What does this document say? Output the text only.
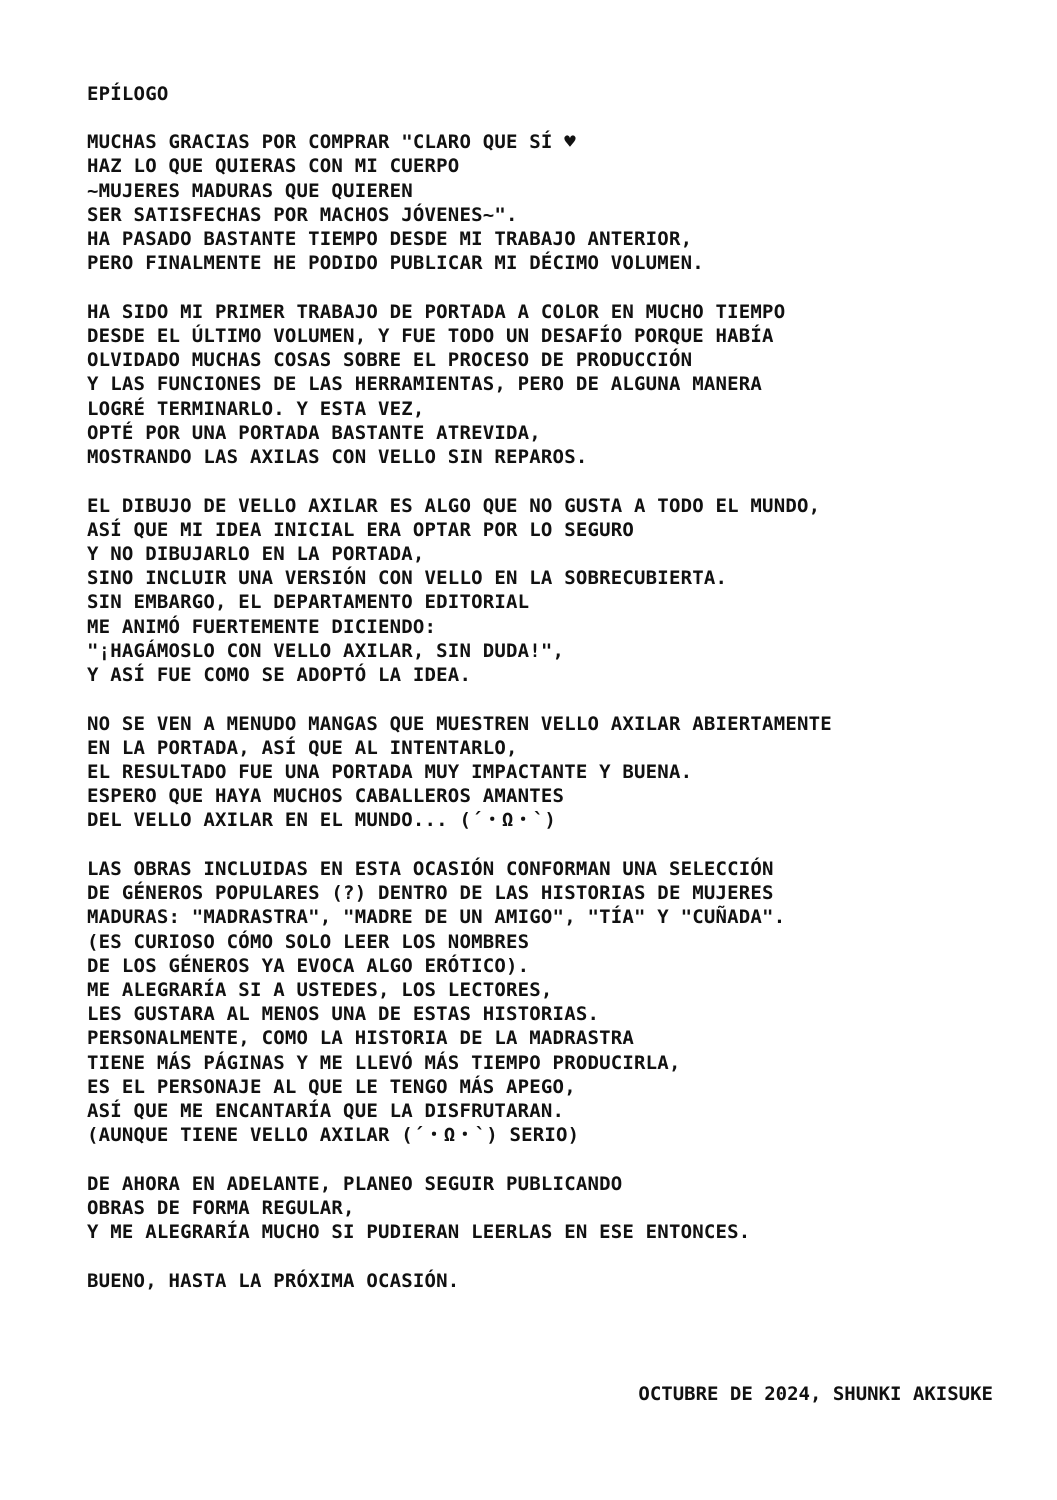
EPÍLOGO
MUCHAS GRACIAS POR COMPRAR "CLARO QUE SÍ ♥
HAZ LO QUE QUIERAS CON MI CUERPO
~MUJERES MADURAS QUE QUIEREN
SER SATISFECHAS POR MACHOS JÓVENES~".
HA PASADO BASTANTE TIEMPO DESDE MI TRABAJO ANTERIOR,
PERO FINALMENTE HE PODIDO PUBLICAR MI DÉCIMO VOLUMEN.
HA SIDO MI PRIMER TRABAJO DE PORTADA A COLOR EN MUCHO TIEMPO
DESDE EL ÚLTIMO VOLUMEN, Y FUE TODO UN DESAFÍO PORQUE HABÍA
OLVIDADO MUCHAS COSAS SOBRE EL PROCESO DE PRODUCCIÓN
Y LAS FUNCIONES DE LAS HERRAMIENTAS, PERO DE ALGUNA MANERA
LOGRÉ TERMINARLO. Y ESTA VEZ,
OPTÉ POR UNA PORTADA BASTANTE ATREVIDA,
MOSTRANDO LAS AXILAS CON VELLO SIN REPAROS.
EL DIBUJO DE VELLO AXILAR ES ALGO QUE NO GUSTA A TODO EL MUNDO,
ASÍ QUE MI IDEA INICIAL ERA OPTAR POR LO SEGURO
Y NO DIBUJARLO EN LA PORTADA,
SINO INCLUIR UNA VERSIÓN CON VELLO EN LA SOBRECUBIERTA.
SIN EMBARGO, EL DEPARTAMENTO EDITORIAL
ME ANIMÓ FUERTEMENTE DICIENDO:
"¡HAGÁMOSLO CON VELLO AXILAR, SIN DUDA!",
Y ASÍ FUE COMO SE ADOPTÓ LA IDEA.
NO SE VEN A MENUDO MANGAS QUE MUESTREN VELLO AXILAR ABIERTAMENTE
EN LA PORTADA, ASÍ QUE AL INTENTARLO,
EL RESULTADO FUE UNA PORTADA MUY IMPACTANTE Y BUENA.
ESPERO QUE HAYA MUCHOS CABALLEROS AMANTES
DEL VELLO AXILAR EN EL MUNDO... (´・Ω・`)
LAS OBRAS INCLUIDAS EN ESTA OCASIÓN CONFORMAN UNA SELECCIÓN
DE GÉNEROS POPULARES (?) DENTRO DE LAS HISTORIAS DE MUJERES
MADURAS: "MADRASTRA", "MADRE DE UN AMIGO", "TÍA" Y "CUÑADA".
(ES CURIOSO CÓMO SOLO LEER LOS NOMBRES
DE LOS GÉNEROS YA EVOCA ALGO ERÓTICO).
ME ALEGRARÍA SI A USTEDES, LOS LECTORES,
LES GUSTARA AL MENOS UNA DE ESTAS HISTORIAS.
PERSONALMENTE, COMO LA HISTORIA DE LA MADRASTRA
TIENE MÁS PÁGINAS Y ME LLEVÓ MÁS TIEMPO PRODUCIRLA,
ES EL PERSONAJE AL QUE LE TENGO MÁS APEGO,
ASÍ QUE ME ENCANTARÍA QUE LA DISFRUTARAN.
(AUNQUE TIENE VELLO AXILAR (´・Ω・`) SERIO)
DE AHORA EN ADELANTE, PLANEO SEGUIR PUBLICANDO
OBRAS DE FORMA REGULAR,
Y ME ALEGRARÍA MUCHO SI PUDIERAN LEERLAS EN ESE ENTONCES.
BUENO, HASTA LA PRÓXIMA OCASIÓN.
OCTUBRE DE 2024, SHUNKI AKISUKE
